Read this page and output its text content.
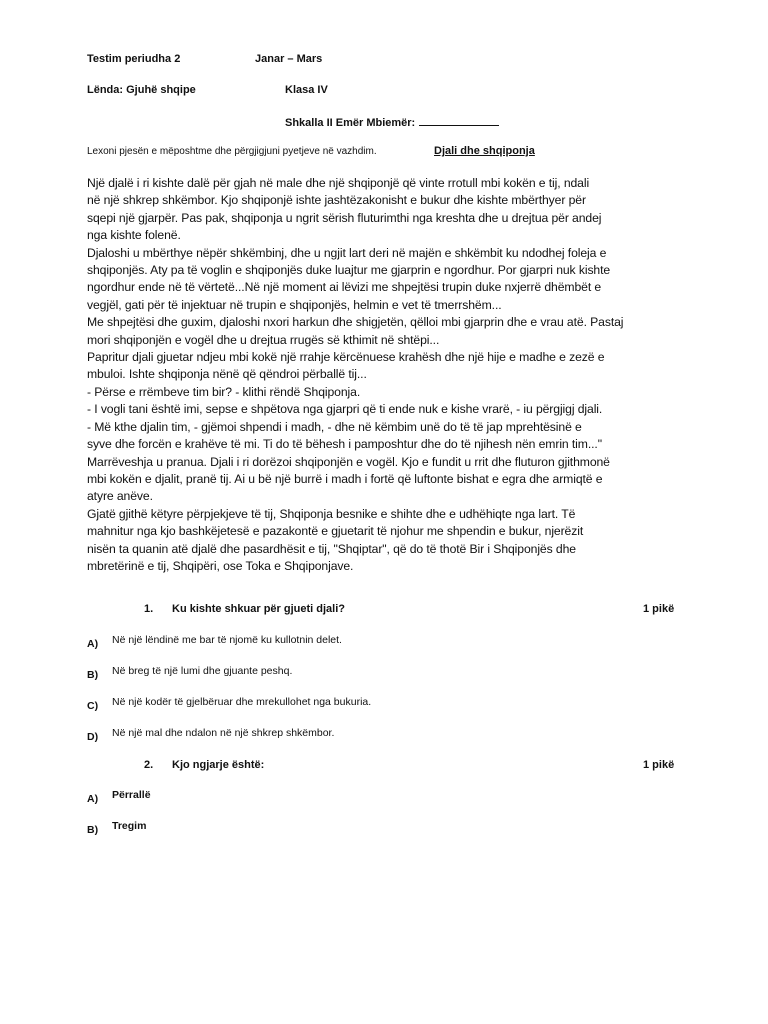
Testim periudha 2	Janar – Mars
Lënda: Gjuhë shqipe	Klasa IV
Shkalla II Emër Mbiemër:
Lexoni pjesën e mëposhtme dhe përgjigjuni pyetjeve në vazhdim.	Djali dhe shqiponja

Një djalë i ri kishte dalë për gjah në male dhe një shqiponjë që vinte rrotull mbi kokën e tij, ndali

në një shkrep shkëmbor. Kjo shqiponjë ishte jashtëzakonisht e bukur dhe kishte mbërthyer për

sqepi një gjarpër. Pas pak, shqiponja u ngrit sërish fluturimthi nga kreshta dhe u drejtua për andej

nga kishte folenë.

Djaloshi u mbërthye nëpër shkëmbinj, dhe u ngjit lart deri në majën e shkëmbit ku ndodhej foleja e

shqiponjës. Aty pa të voglin e shqiponjës duke luajtur me gjarprin e ngordhur. Por gjarpri nuk kishte

ngordhur ende në të vërtetë...Në një moment ai lëvizi me shpejtësi trupin duke nxjerrë dhëmbët e

vegjël, gati për të injektuar në trupin e shqiponjës, helmin e vet të tmerrshëm...

Me shpejtësi dhe guxim, djaloshi nxori harkun dhe shigjetën, qëlloi mbi gjarprin dhe e vrau atë. Pastaj

mori shqiponjën e vogël dhe u drejtua rrugës së kthimit në shtëpi...

Papritur djali gjuetar ndjeu mbi kokë një rrahje kërcënuese krahësh dhe një hije e madhe e zezë e

mbuloi. Ishte shqiponja nënë që qëndroi përballë tij...

- Përse e rrëmbeve tim bir? - klithi rëndë Shqiponja.

- I vogli tani është imi, sepse e shpëtova nga gjarpri që ti ende nuk e kishe vrarë, - iu përgjigj djali.

- Më kthe djalin tim, - gjëmoi shpendi i madh, - dhe në këmbim unë do të të jap mprehtësinë e

syve dhe forcën e krahëve të mi. Ti do të bëhesh i pamposhtur dhe do të njihesh nën emrin tim..."

Marrëveshja u pranua. Djali i ri dorëzoi shqiponjën e vogël. Kjo e fundit u rrit dhe fluturon gjithmonë

mbi kokën e djalit, pranë tij. Ai u bë një burrë i madh i fortë që luftonte bishat e egra dhe armiqtë e

atyre anëve.

Gjatë gjithë këtyre përpjekjeve të tij, Shqiponja besnike e shihte dhe e udhëhiqte nga lart. Të

mahnitur nga kjo bashkëjetesë e pazakontë e gjuetarit të njohur me shpendin e bukur, njerëzit

nisën ta quanin atë djalë dhe pasardhësit e tij, "Shqiptar", që do të thotë Bir i Shqiponjës dhe

mbretërinë e tij, Shqipëri, ose Toka e Shqiponjave.

1. Ku kishte shkuar për gjueti djali?	1 pikë
A) Në një lëndinë me bar të njomë ku kullotnin delet.
B) Në breg të një lumi dhe gjuante peshq.
C) Në një kodër të gjelbëruar dhe mrekullohet nga bukuria.
D) Në një mal dhe ndalon në një shkrep shkëmbor.
2. Kjo ngjarje është:	1 pikë
A) Përrallë
B) Tregim
